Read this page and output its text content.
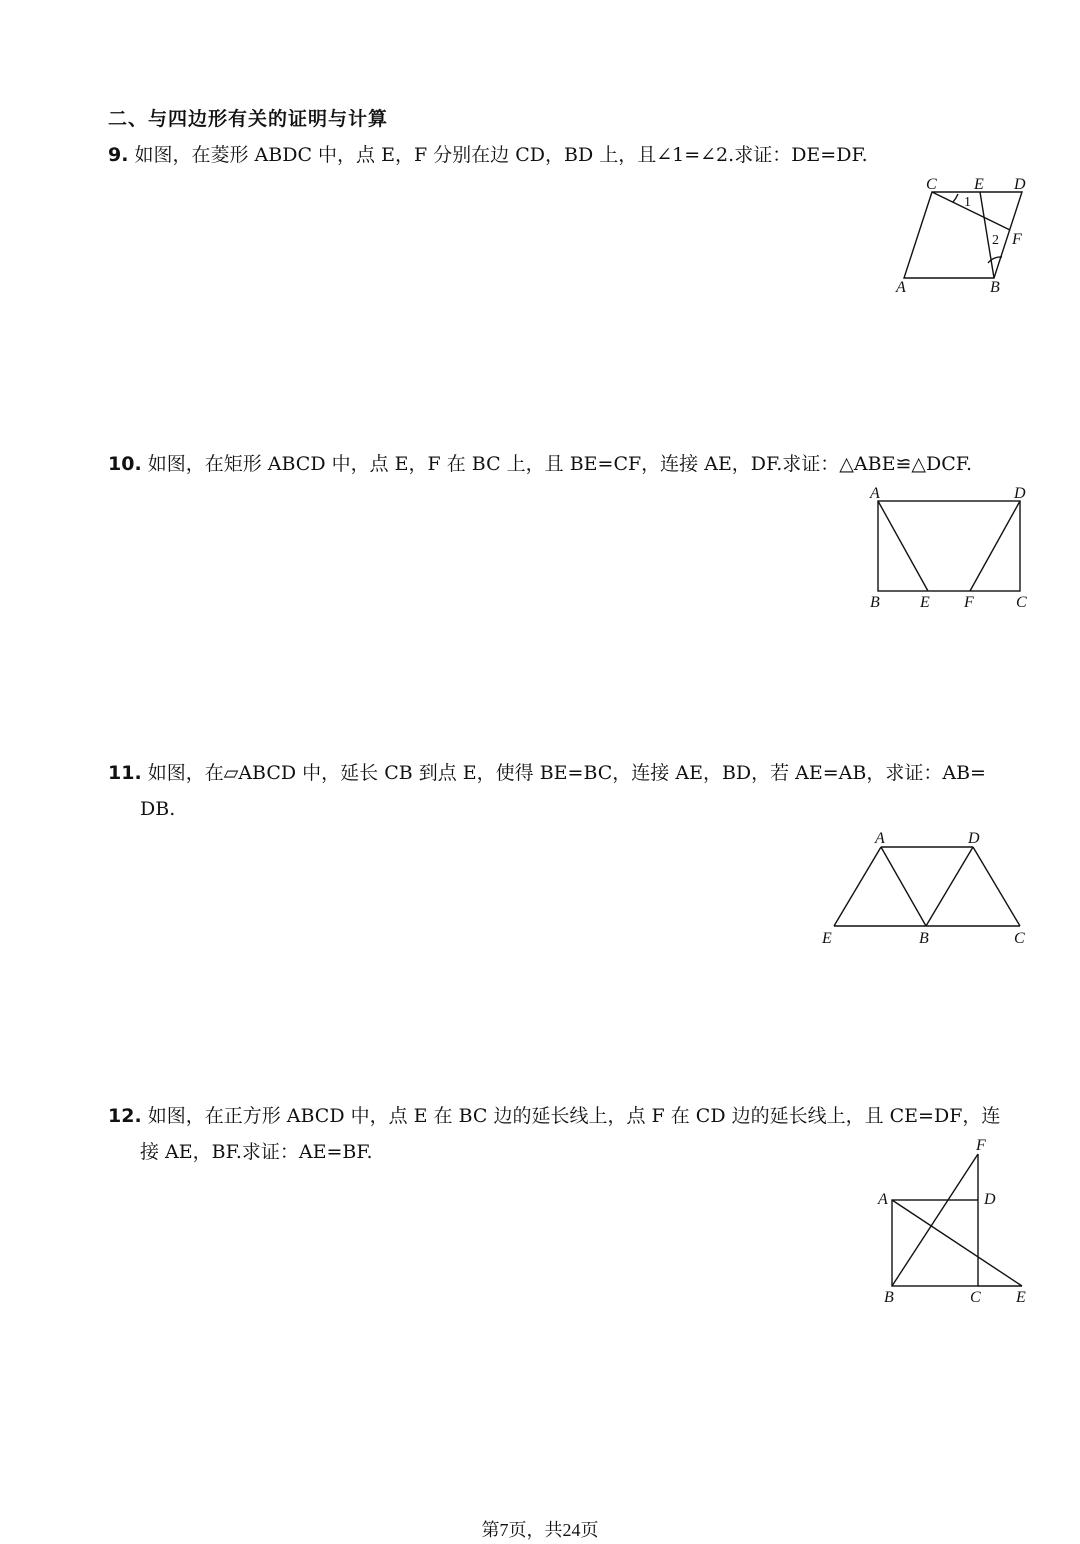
二、与四边形有关的证明与计算
9. 如图，在菱形 ABDC 中，点 E，F 分别在边 CD，BD 上，且∠1=∠2.求证：DE=DF.
C E D
F
A	B
1
2
10. 如图，在矩形 ABCD 中，点 E，F 在 BC 上，且 BE=CF，连接 AE，DF.求证：△ABE≌△DCF.
A	D
B	E F	C
11. 如图，在▱ABCD 中，延长 CB 到点 E，使得 BE=BC，连接 AE，BD，若 AE=AB，求证：AB=
DB.
A	D
E	B	C
12. 如图，在正方形 ABCD 中，点 E 在 BC 边的延长线上，点 F 在 CD 边的延长线上，且 CE=DF，连
接 AE，BF.求证：AE=BF.	F
A	D
B	C E
第7页，共24页
